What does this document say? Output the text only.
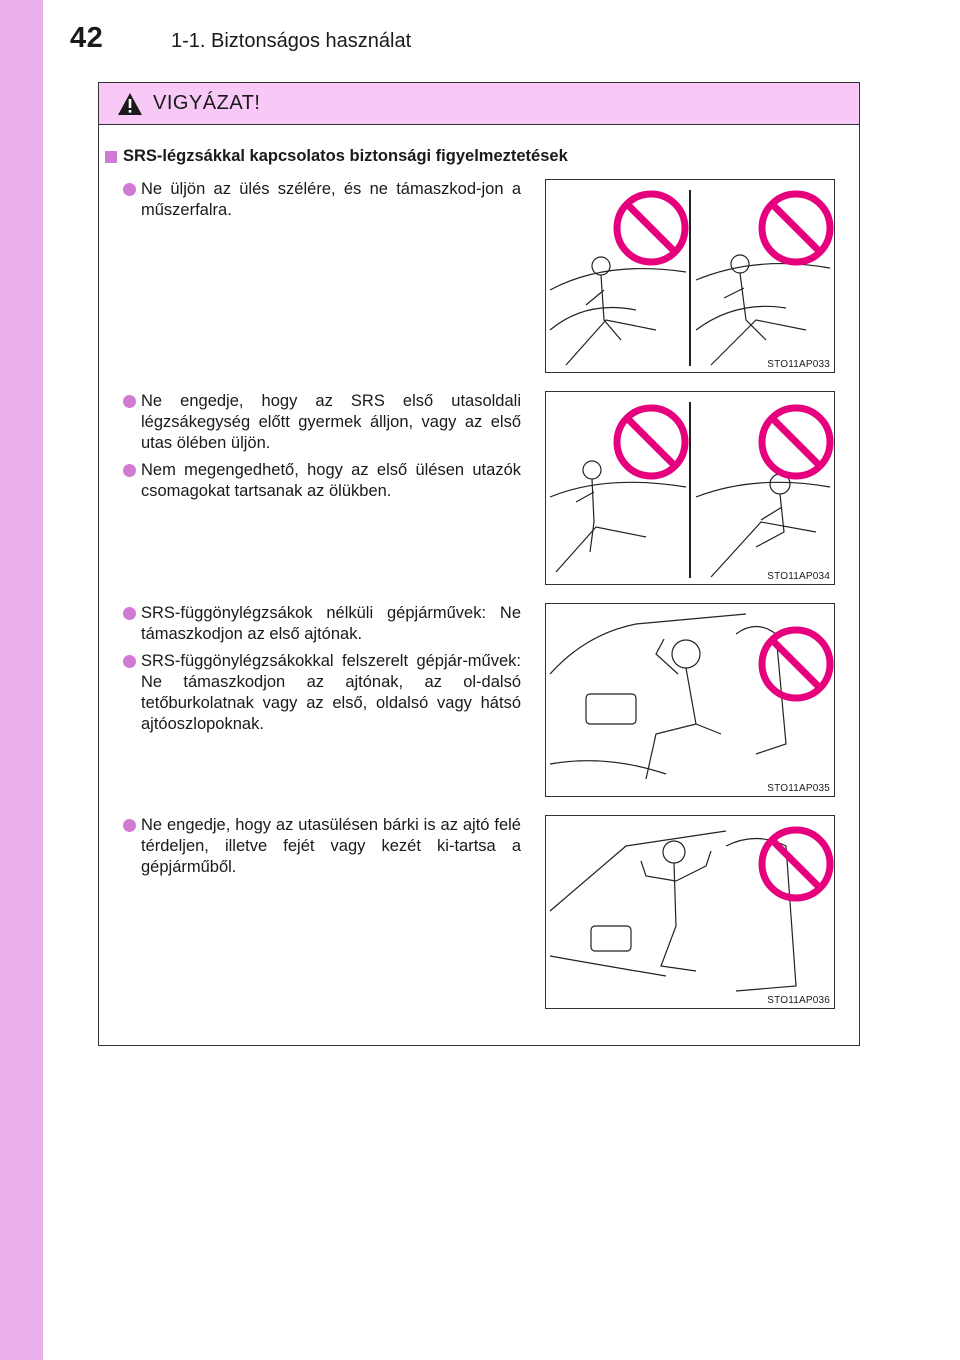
42	1-1. Biztonságos használat
VIGYÁZAT!
SRS-légzsákkal kapcsolatos biztonsági figyelmeztetések
Ne üljön az ülés szélére, és ne támaszkod-jon a műszerfalra.
STO11AP033
Ne engedje, hogy az SRS első utasoldali légzsákegység előtt gyermek álljon, vagy az első utas ölében üljön.
Nem megengedhető, hogy az első ülésen utazók csomagokat tartsanak az ölükben.
STO11AP034
SRS-függönylégzsákok nélküli gépjárművek: Ne támaszkodjon az első ajtónak.
SRS-függönylégzsákokkal felszerelt gépjár-művek: Ne támaszkodjon az ajtónak, az ol-dalsó tetőburkolatnak vagy az első, oldalsó vagy hátsó ajtóoszlopoknak.
STO11AP035
Ne engedje, hogy az utasülésen bárki is az ajtó felé térdeljen, illetve fejét vagy kezét ki-tartsa a gépjárműből.
STO11AP036
